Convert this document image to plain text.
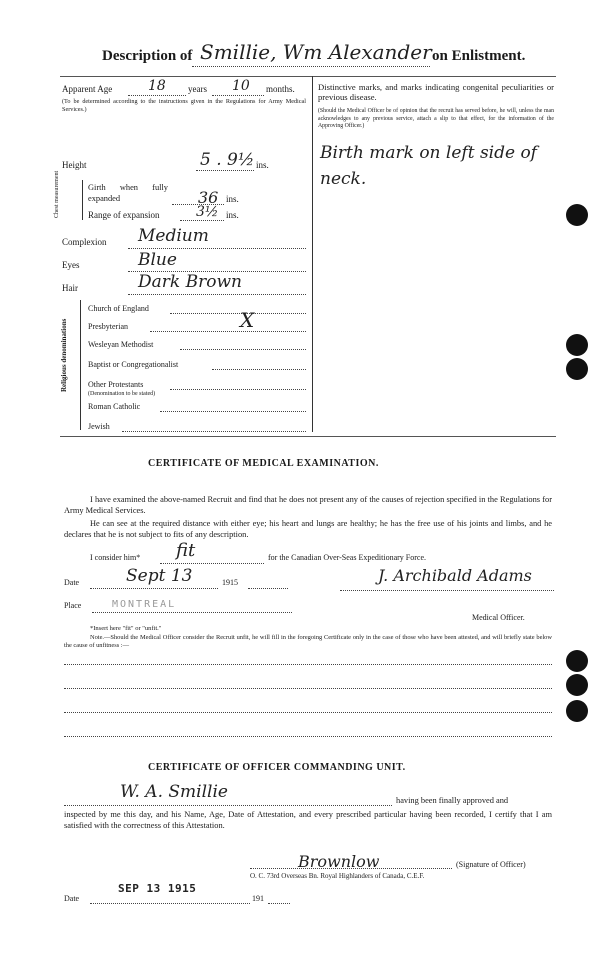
Description of Smillie, Wm Alexander on Enlistment.
Apparent Age	18 years 10 months.
(To be determined according to the instructions given in the Regulations for Army Medical Services.)
Distinctive marks, and marks indicating congenital peculiarities or previous disease.
(Should the Medical Officer be of opinion that the recruit has served before, he will, unless the man acknowledges to any previous service, attach a slip to that effect, for the information of the Approving Officer.)
Birth mark on left side of neck.
Height	5 . 9½ ins.
Chest measurement	Girth when fully expanded	36 ins.
Range of expansion	3½ ins.
Complexion Medium
Eyes	Blue
Hair	Dark Brown
Religious denominations
Church of England
Presbyterian	X
Wesleyan Methodist
Baptist or Congregationalist
Other Protestants
(Denomination to be stated)
Roman Catholic
Jewish
CERTIFICATE OF MEDICAL EXAMINATION.
I have examined the above-named Recruit and find that he does not present any of the causes of rejection specified in the Regulations for Army Medical Services.
He can see at the required distance with either eye; his heart and lungs are healthy; he has the free use of his joints and limbs, and he declares that he is not subject to fits of any description.
I consider him* fit	for the Canadian Over-Seas Expeditionary Force.
Date	Sept 13	1915	J. Archibald Adams
Place	MONTREAL
Medical Officer.
*Insert here "fit" or "unfit."
Note.—Should the Medical Officer consider the Recruit unfit, he will fill in the foregoing Certificate only in the case of those who have been attested, and will briefly state below the cause of unfitness :—
CERTIFICATE OF OFFICER COMMANDING UNIT.
W. A. Smillie	having been finally approved and
inspected by me this day, and his Name, Age, Date of Attestation, and every prescribed particular having been recorded, I certify that I am satisfied with the correctness of this Attestation.
Brownlow	(Signature of Officer)
O. C. 73rd Overseas Bn. Royal Highlanders of Canada, C.E.F.
SEP 13 1915
Date	191
